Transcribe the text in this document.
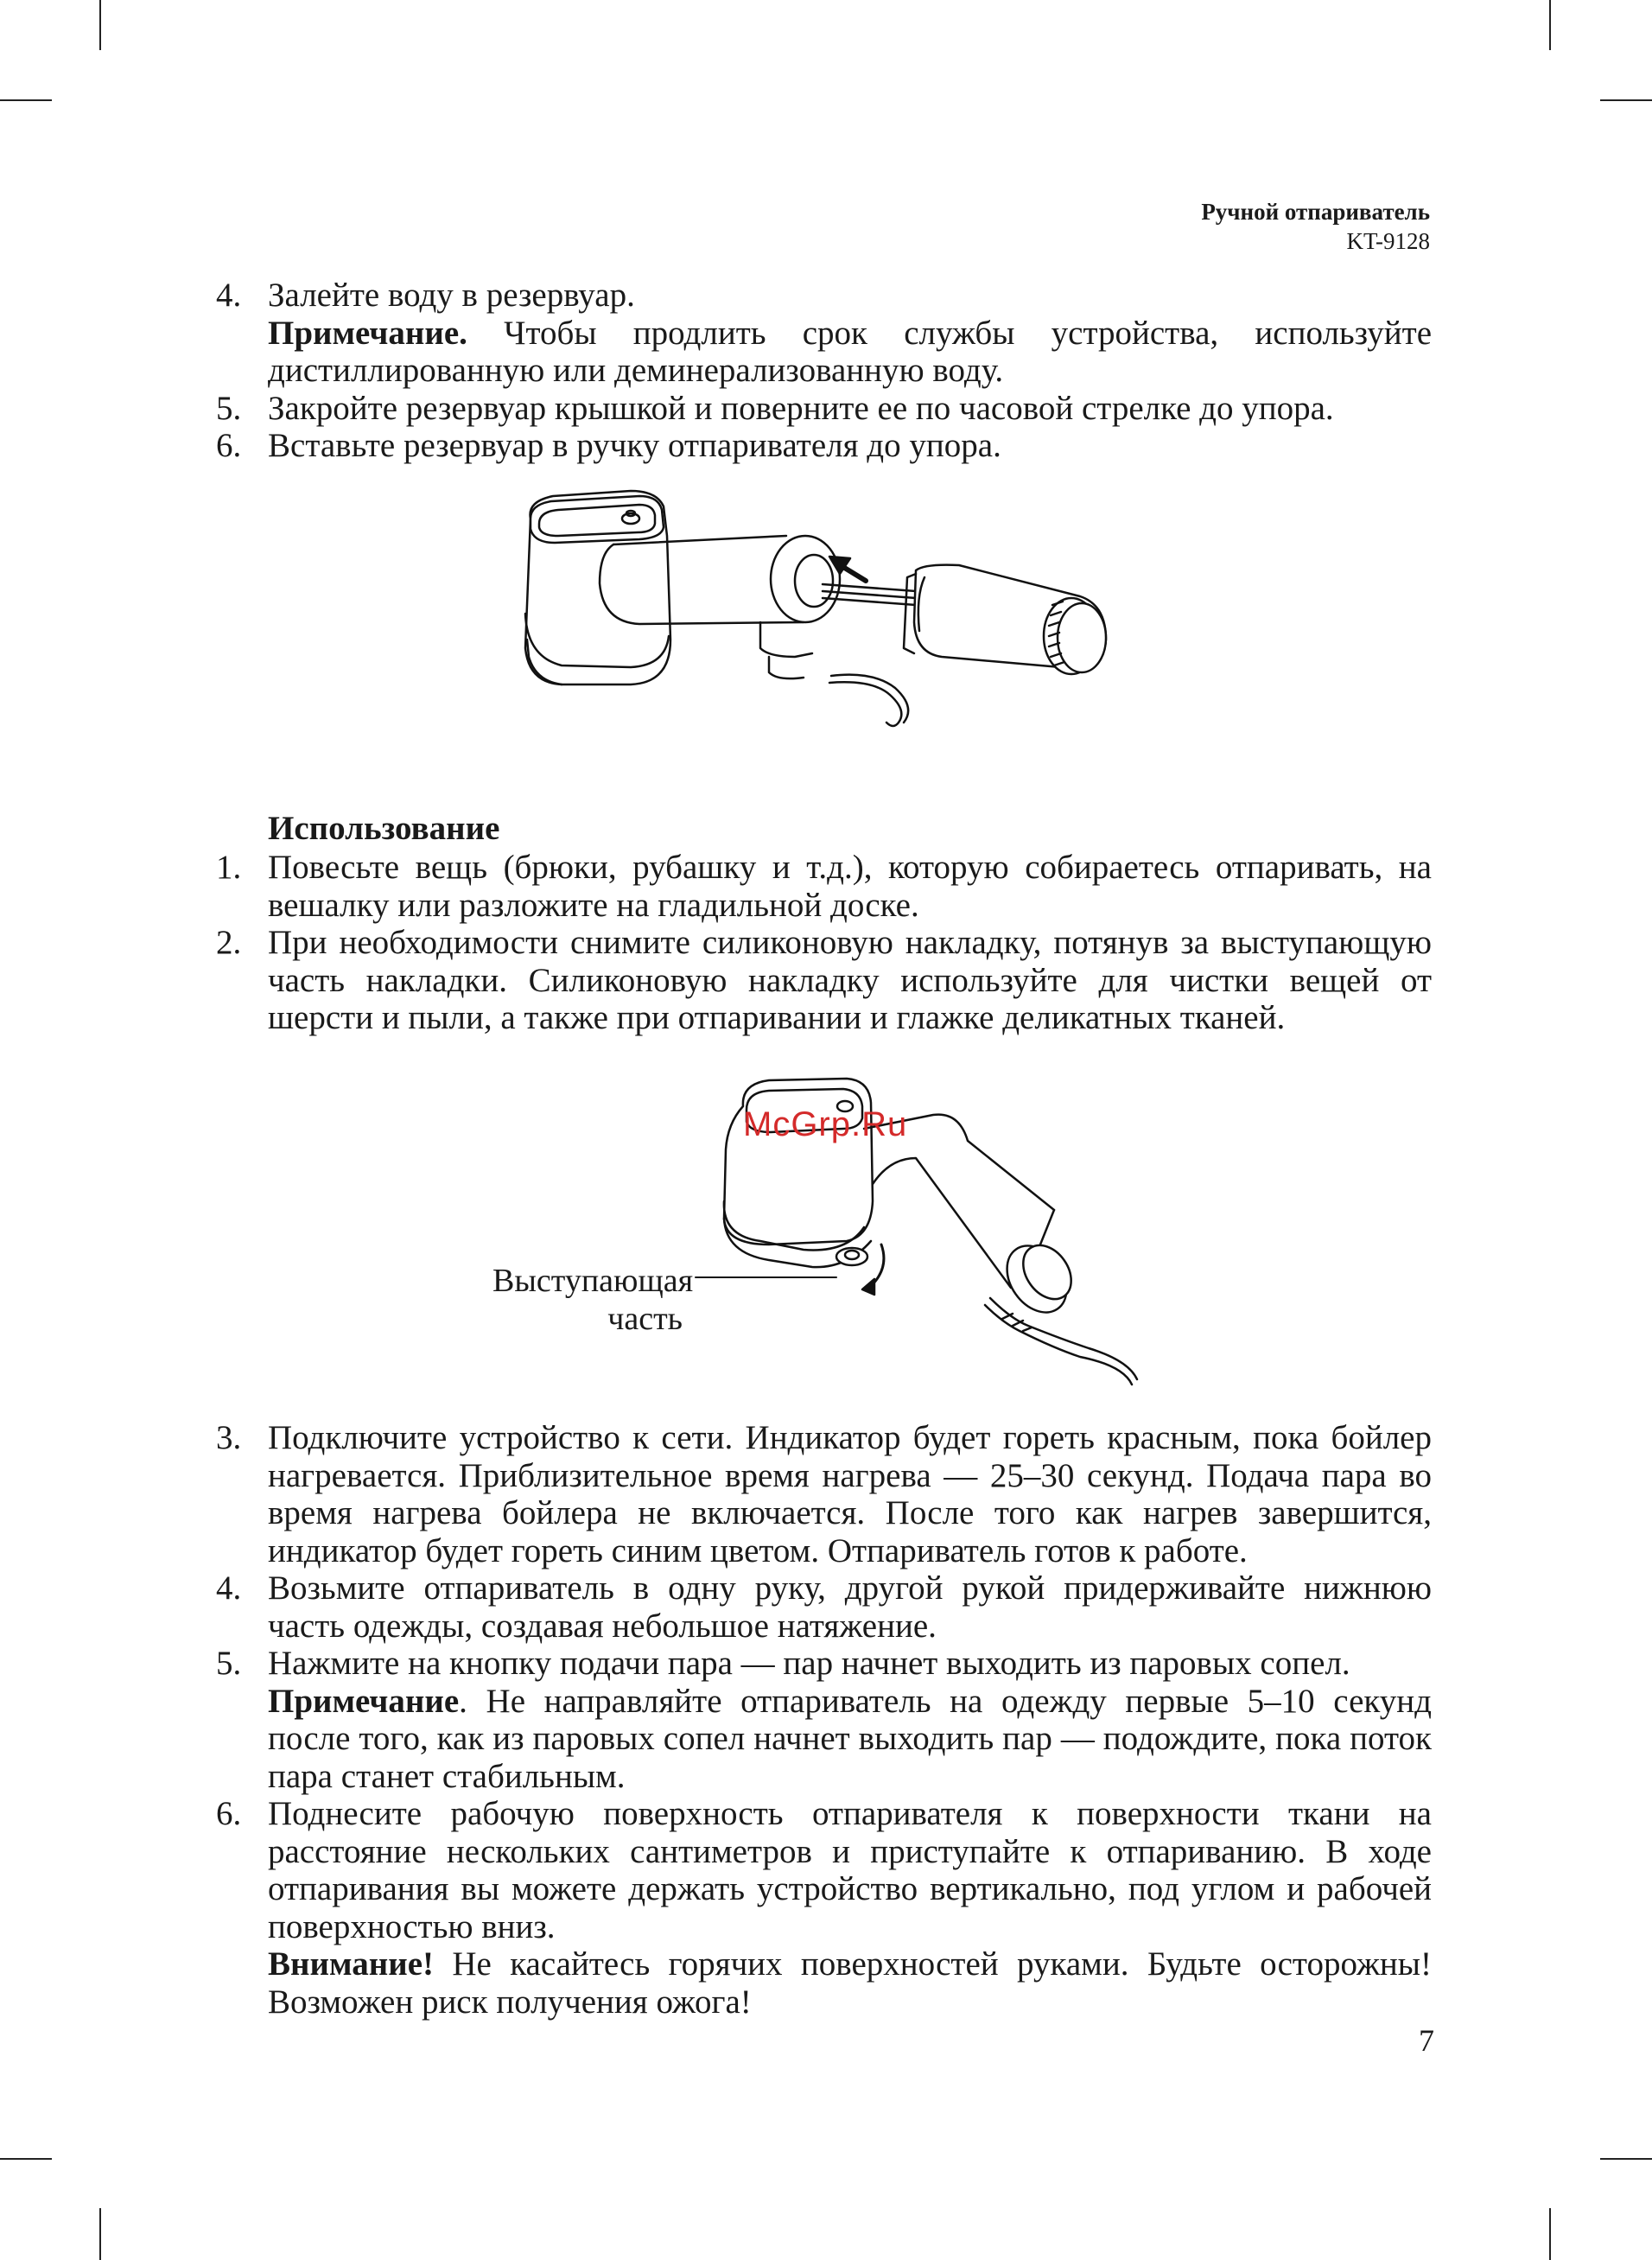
Ручной отпариватель
KT-9128
4. Залейте воду в резервуар.
Примечание. Чтобы продлить срок службы устройства, используйте дистиллированную или деминерализованную воду.
5. Закройте резервуар крышкой и поверните ее по часовой стрелке до упора.
6. Вставьте резервуар в ручку отпаривателя до упора.
Использование
1. Повесьте вещь (брюки, рубашку и т.д.), которую собираетесь отпаривать, на вешалку или разложите на гладильной доске.
2. При необходимости снимите силиконовую накладку, потянув за выступающую часть накладки. Силиконовую накладку используйте для чистки вещей от шерсти и пыли, а также при отпаривании и глажке деликатных тканей.
Выступающая часть
McGrp.Ru
3. Подключите устройство к сети. Индикатор будет гореть красным, пока бойлер нагревается. Приблизительное время нагрева — 25–30 секунд. Подача пара во время нагрева бойлера не включается. После того как нагрев завершится, индикатор будет гореть синим цветом. Отпариватель готов к работе.
4. Возьмите отпариватель в одну руку, другой рукой придерживайте нижнюю часть одежды, создавая небольшое натяжение.
5. Нажмите на кнопку подачи пара — пар начнет выходить из паровых сопел.
Примечание. Не направляйте отпариватель на одежду первые 5–10 секунд после того, как из паровых сопел начнет выходить пар — подождите, пока поток пара станет стабильным.
6. Поднесите рабочую поверхность отпаривателя к поверхности ткани на расстояние нескольких сантиметров и приступайте к отпариванию. В ходе отпаривания вы можете держать устройство вертикально, под углом и рабочей поверхностью вниз.
Внимание! Не касайтесь горячих поверхностей руками. Будьте осторожны! Возможен риск получения ожога!
7
